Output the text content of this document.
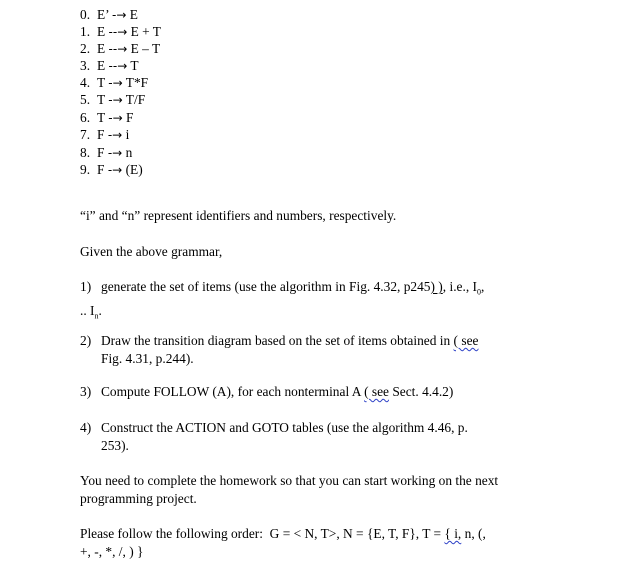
0. E’ -→ E
1. E --→ E + T
2. E --→ E – T
3. E --→ T
4. T -→ T*F
5. T -→ T/F
6. T -→ F
7. F -→ i
8. F -→ n
9. F -→ (E)
“i” and “n” represent identifiers and numbers, respectively.
Given the above grammar,
1) generate the set of items (use the algorithm in Fig. 4.32, p245) ), i.e., $I_0$,
.. $I_n$.
2) Draw the transition diagram based on the set of items obtained in ( see
Fig. 4.31, p.244).
3) Compute FOLLOW (A), for each nonterminal A ( see Sect. 4.4.2)
4) Construct the ACTION and GOTO tables (use the algorithm 4.46, p.
253).
You need to complete the homework so that you can start working on the next programming project.
Please follow the following order: G = < N, T>, N = {E, T, F}, T = { i, n, (,
+, -, *, /, ) }
